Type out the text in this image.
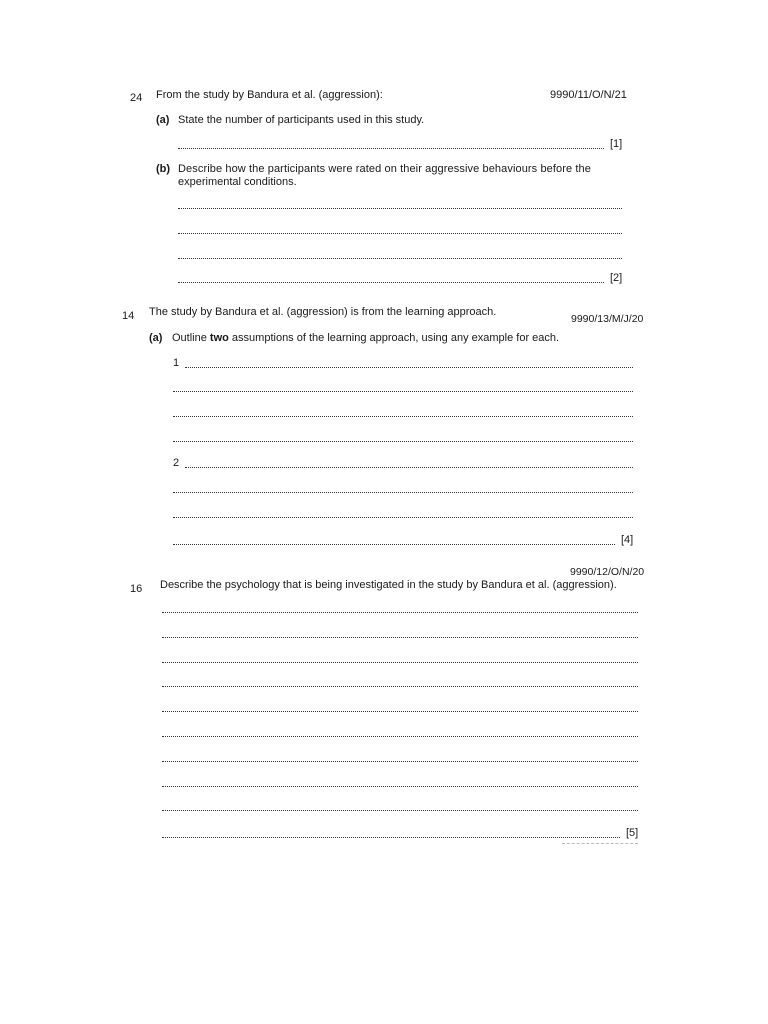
24 From the study by Bandura et al. (aggression):	9990/11/O/N/21
(a) State the number of participants used in this study.
[1]
(b) Describe how the participants were rated on their aggressive behaviours before the
experimental conditions.
[2]
14 The study by Bandura et al. (aggression) is from the learning approach.
9990/13/M/J/20
(a) Outline two assumptions of the learning approach, using any example for each.
1
2
[4]
9990/12/O/N/20
16 Describe the psychology that is being investigated in the study by Bandura et al. (aggression).
[5]
